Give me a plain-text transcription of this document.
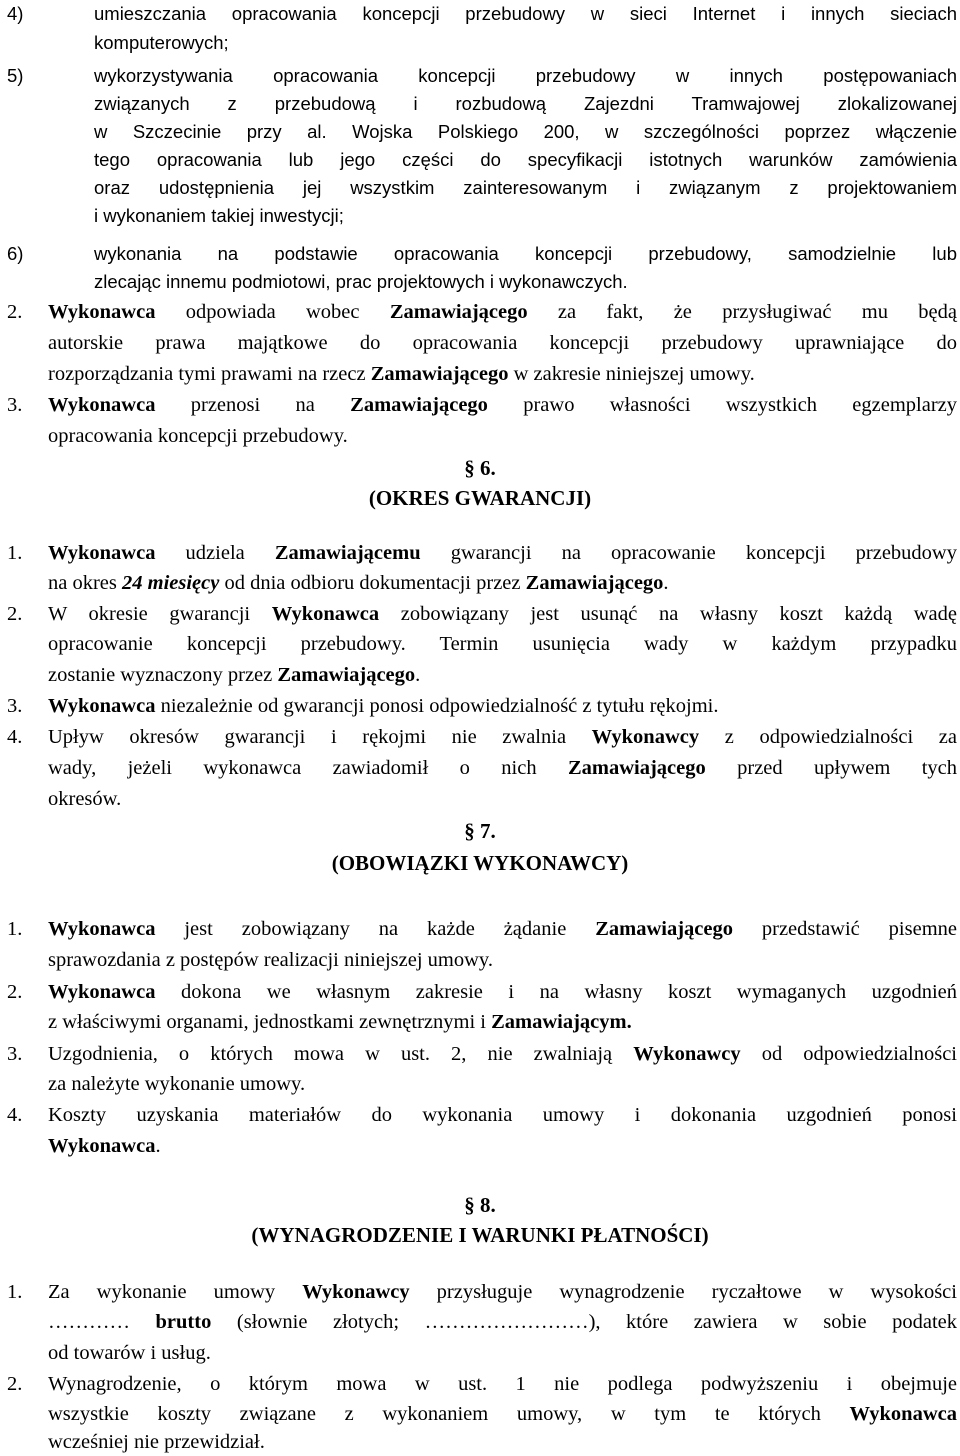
4)	umieszczania opracowania koncepcji przebudowy w sieci Internet i innych sieciach
komputerowych;
5)	wykorzystywania opracowania koncepcji przebudowy w innych postępowaniach
związanych z przebudową i rozbudową Zajezdni Tramwajowej zlokalizowanej
w Szczecinie przy al. Wojska Polskiego 200, w szczególności poprzez włączenie
tego opracowania lub jego części do specyfikacji istotnych warunków zamówienia
oraz udostępnienia jej wszystkim zainteresowanym i związanym z projektowaniem
i wykonaniem takiej inwestycji;
6)	wykonania na podstawie opracowania koncepcji przebudowy, samodzielnie lub
zlecając innemu podmiotowi, prac projektowych i wykonawczych.
2. Wykonawca odpowiada wobec Zamawiającego za fakt, że przysługiwać mu będą
autorskie prawa majątkowe do opracowania koncepcji przebudowy uprawniające do
rozporządzania tymi prawami na rzecz Zamawiającego w zakresie niniejszej umowy.
3. Wykonawca przenosi na Zamawiającego prawo własności wszystkich egzemplarzy
opracowania koncepcji przebudowy.
§ 6.
(OKRES GWARANCJI)
1. Wykonawca udziela Zamawiającemu gwarancji na opracowanie koncepcji przebudowy
na okres 24 miesięcy od dnia odbioru dokumentacji przez Zamawiającego.
2. W okresie gwarancji Wykonawca zobowiązany jest usunąć na własny koszt każdą wadę
opracowanie koncepcji przebudowy. Termin usunięcia wady w każdym przypadku
zostanie wyznaczony przez Zamawiającego.
3. Wykonawca niezależnie od gwarancji ponosi odpowiedzialność z tytułu rękojmi.
4. Upływ okresów gwarancji i rękojmi nie zwalnia Wykonawcy z odpowiedzialności za
wady, jeżeli wykonawca zawiadomił o nich Zamawiającego przed upływem tych
okresów.
§ 7.
(OBOWIĄZKI WYKONAWCY)
1. Wykonawca jest zobowiązany na każde żądanie Zamawiającego przedstawić pisemne
sprawozdania z postępów realizacji niniejszej umowy.
2. Wykonawca dokona we własnym zakresie i na własny koszt wymaganych uzgodnień
z właściwymi organami, jednostkami zewnętrznymi i Zamawiającym.
3. Uzgodnienia, o których mowa w ust. 2, nie zwalniają Wykonawcy od odpowiedzialności
za należyte wykonanie umowy.
4. Koszty uzyskania materiałów do wykonania umowy i dokonania uzgodnień ponosi
Wykonawca.
§ 8.
(WYNAGRODZENIE I WARUNKI PŁATNOŚCI)
1. Za wykonanie umowy Wykonawcy przysługuje wynagrodzenie ryczałtowe w wysokości
………… brutto (słownie złotych; ……………………), które zawiera w sobie podatek
od towarów i usług.
2. Wynagrodzenie, o którym mowa w ust. 1 nie podlega podwyższeniu i obejmuje
wszystkie koszty związane z wykonaniem umowy, w tym te których Wykonawca
wcześniej nie przewidział.
